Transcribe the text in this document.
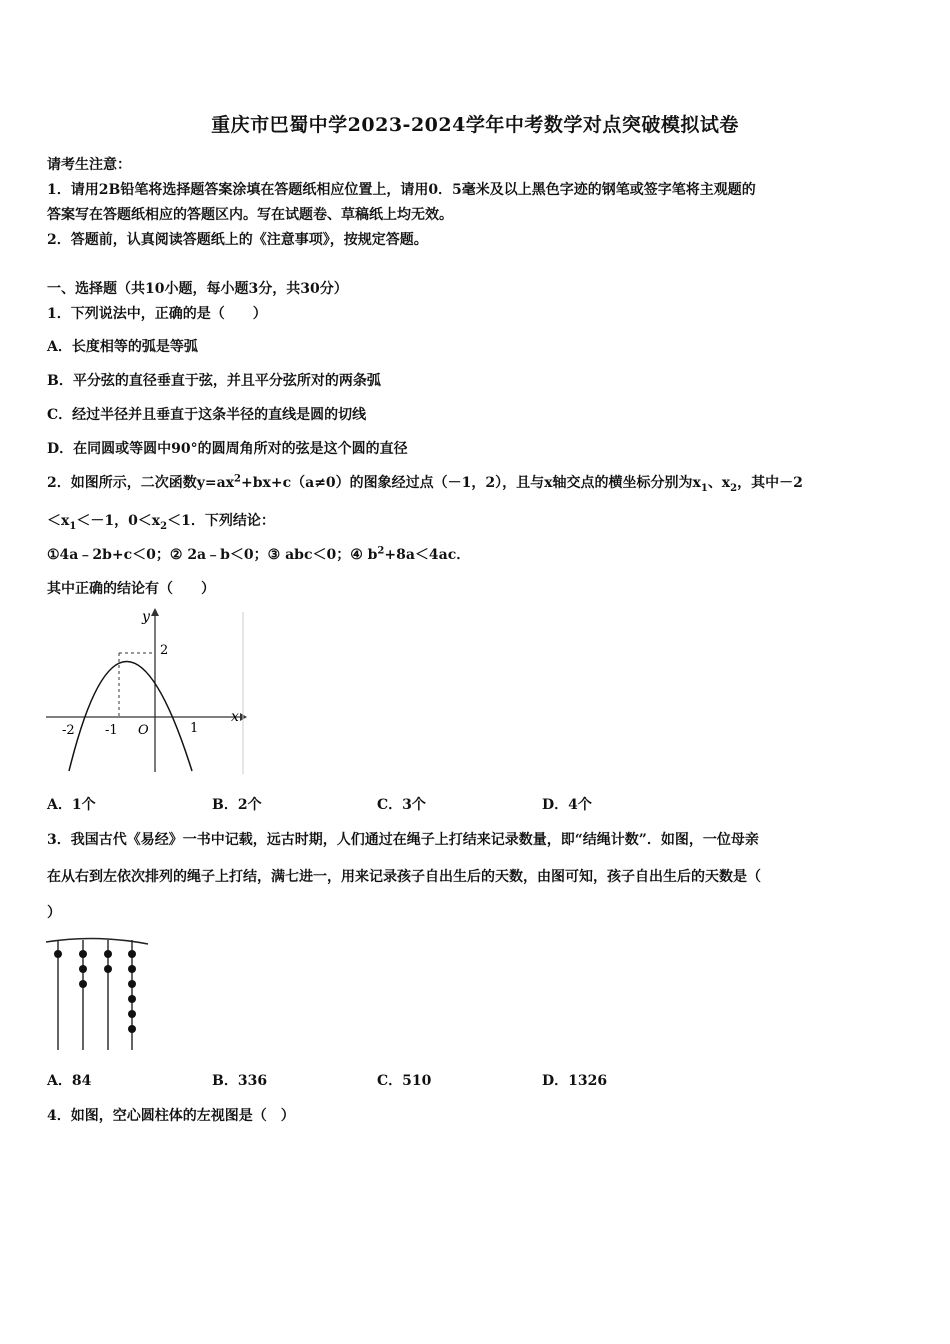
重庆市巴蜀中学2023-2024学年中考数学对点突破模拟试卷
请考生注意：
1．请用2B铅笔将选择题答案涂填在答题纸相应位置上，请用0．5毫米及以上黑色字迹的钢笔或签字笔将主观题的
答案写在答题纸相应的答题区内。写在试题卷、草稿纸上均无效。
2．答题前，认真阅读答题纸上的《注意事项》，按规定答题。
一、选择题（共10小题，每小题3分，共30分）
1．下列说法中，正确的是（　　）
A．长度相等的弧是等弧
B．平分弦的直径垂直于弦，并且平分弦所对的两条弧
C．经过半径并且垂直于这条半径的直线是圆的切线
D．在同圆或等圆中90°的圆周角所对的弦是这个圆的直径
2．如图所示，二次函数$y=ax^2+bx+c(a\ne 0)$的图象经过点（－1，2），且与x轴交点的横坐标分别为$x_1$、$x_2$，其中－2
$<x_1<-1$，$0<x_2<1$．下列结论：
①4a﹣2b+c＜0；② 2a﹣b＜0；③ abc＜0；④ $b^2+8a<4ac$．
其中正确的结论有（　　）
y
x
2
-2 -1 O	1
A．1个	B．2个	C．3个	D．4个
3．我国古代《易经》一书中记载，远古时期，人们通过在绳子上打结来记录数量，即“结绳计数”．如图，一位母亲
在从右到左依次排列的绳子上打结，满七进一，用来记录孩子自出生后的天数，由图可知，孩子自出生后的天数是（
）
A．84	B．336	C．510	D．1326
4．如图，空心圆柱体的左视图是（　）
